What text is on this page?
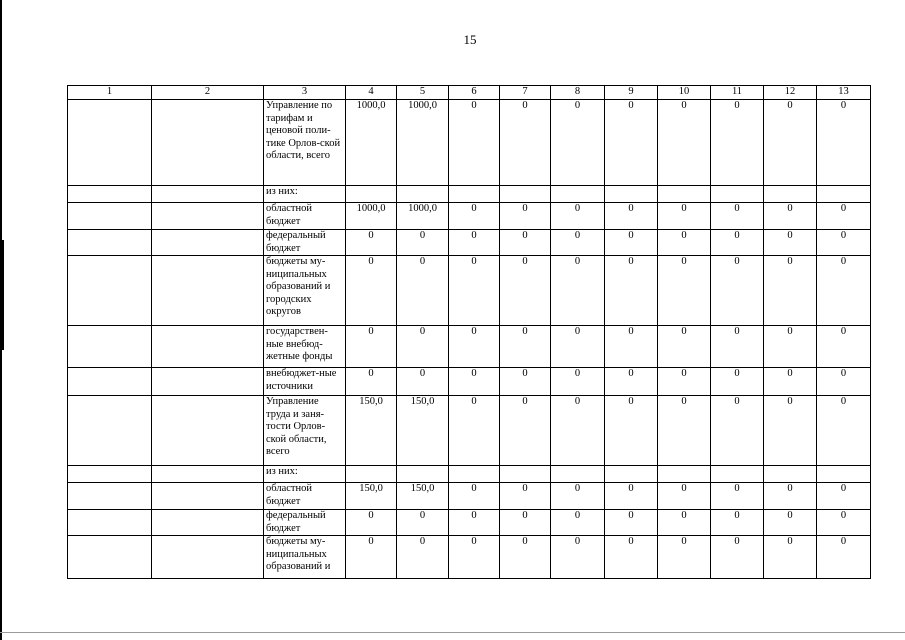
15
1	2	3	4	5	6	7	8	9	10	11	12	13
		Управление по тарифам и ценовой поли-тике Орлов-ской области, всего	1000,0	1000,0	0	0	0	0	0	0	0	0
		из них:										
		областной бюджет	1000,0	1000,0	0	0	0	0	0	0	0	0
		федеральный бюджет	0	0	0	0	0	0	0	0	0	0
		бюджеты му-ниципальных образований и городских округов	0	0	0	0	0	0	0	0	0	0
		государствен-ные внебюд-жетные фонды	0	0	0	0	0	0	0	0	0	0
		внебюджет-ные источники	0	0	0	0	0	0	0	0	0	0
		Управление труда и заня-тости Орлов-ской области, всего	150,0	150,0	0	0	0	0	0	0	0	0
		из них:										
		областной бюджет	150,0	150,0	0	0	0	0	0	0	0	0
		федеральный бюджет	0	0	0	0	0	0	0	0	0	0
		бюджеты му-ниципальных образований и	0	0	0	0	0	0	0	0	0	0
